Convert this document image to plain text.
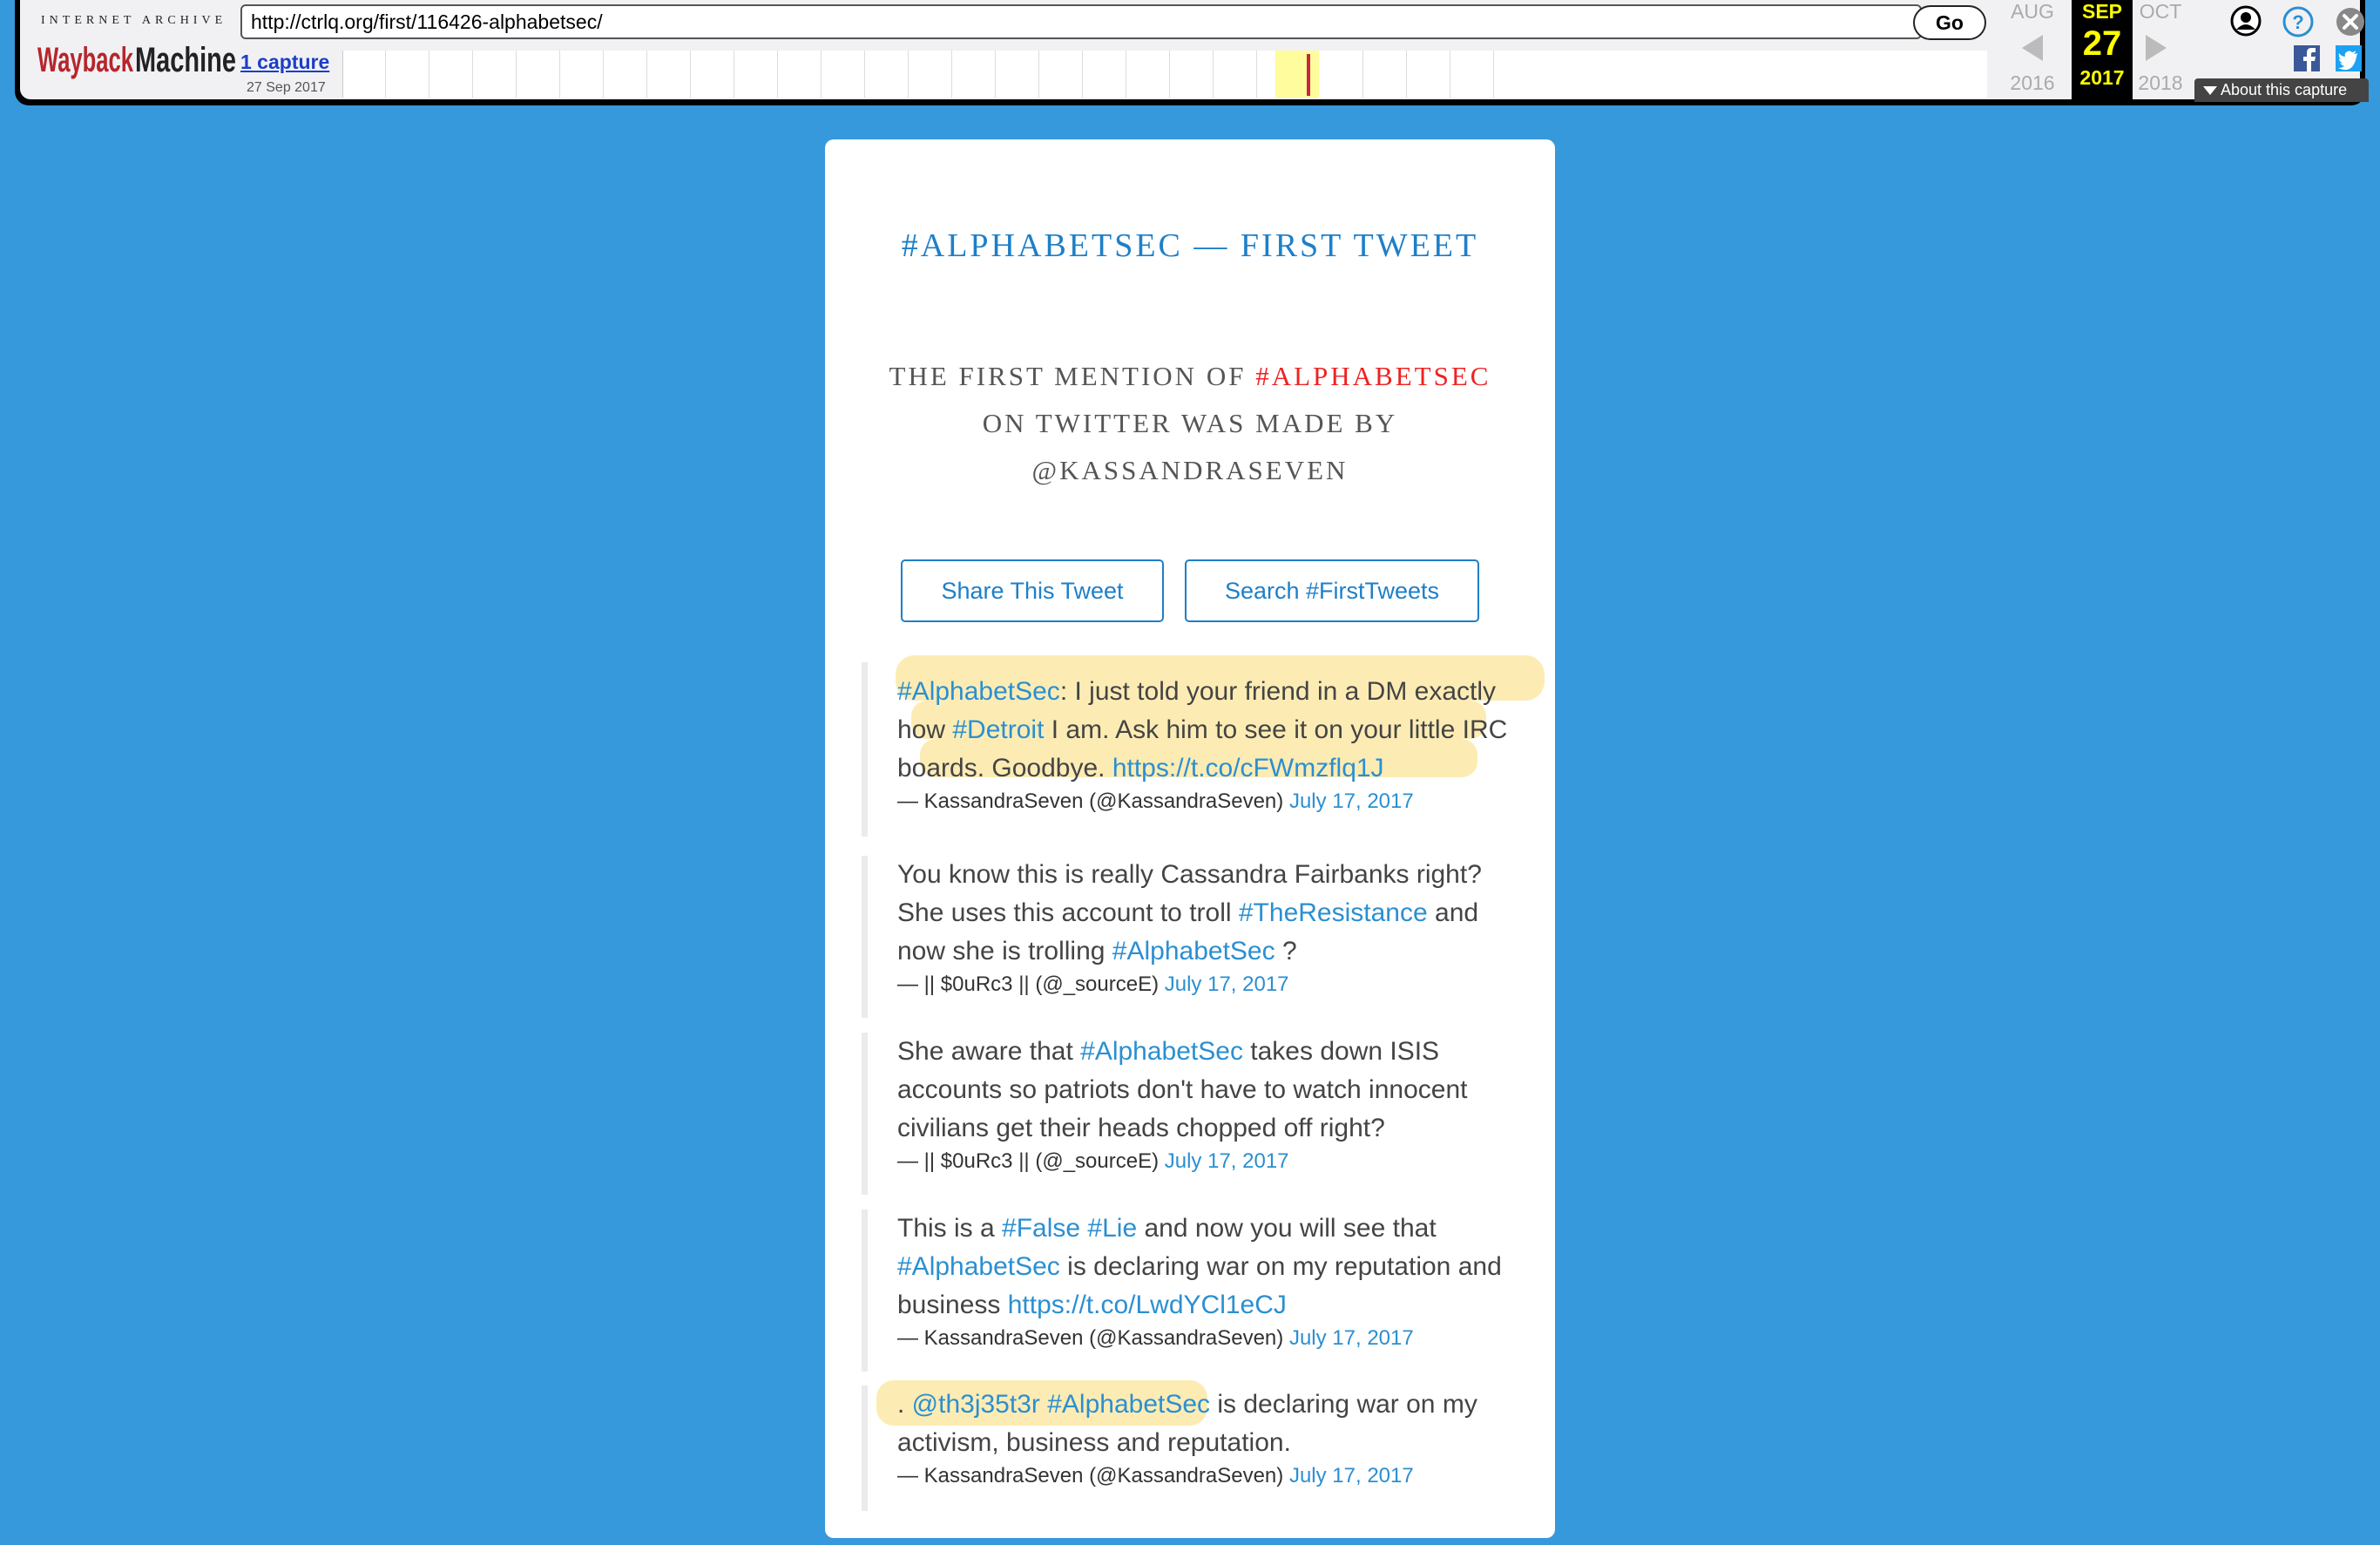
INTERNET ARCHIVE
Wayback Machine
http://ctrlq.org/first/116426-alphabetsec/
Go
1 capture
27 Sep 2017
AUG	OCT
2016	2018
SEP
27
2017
?
About this capture
#ALPHABETSEC — FIRST TWEET
THE FIRST MENTION OF #ALPHABETSEC
ON TWITTER WAS MADE BY
@KASSANDRASEVEN
Share This Tweet	Search #FirstTweets
#AlphabetSec: I just told your friend in a DM exactly how #Detroit I am. Ask him to see it on your little IRC boards. Goodbye. https://t.co/cFWmzflq1J
— KassandraSeven (@KassandraSeven) July 17, 2017
You know this is really Cassandra Fairbanks right? She uses this account to troll #TheResistance and now she is trolling #AlphabetSec ?
— || $0uRc3 || (@_sourceE) July 17, 2017
She aware that #AlphabetSec takes down ISIS accounts so patriots don't have to watch innocent civilians get their heads chopped off right?
— || $0uRc3 || (@_sourceE) July 17, 2017
This is a #False #Lie and now you will see that #AlphabetSec is declaring war on my reputation and business https://t.co/LwdYCl1eCJ
— KassandraSeven (@KassandraSeven) July 17, 2017
. @th3j35t3r #AlphabetSec is declaring war on my activism, business and reputation.
— KassandraSeven (@KassandraSeven) July 17, 2017
